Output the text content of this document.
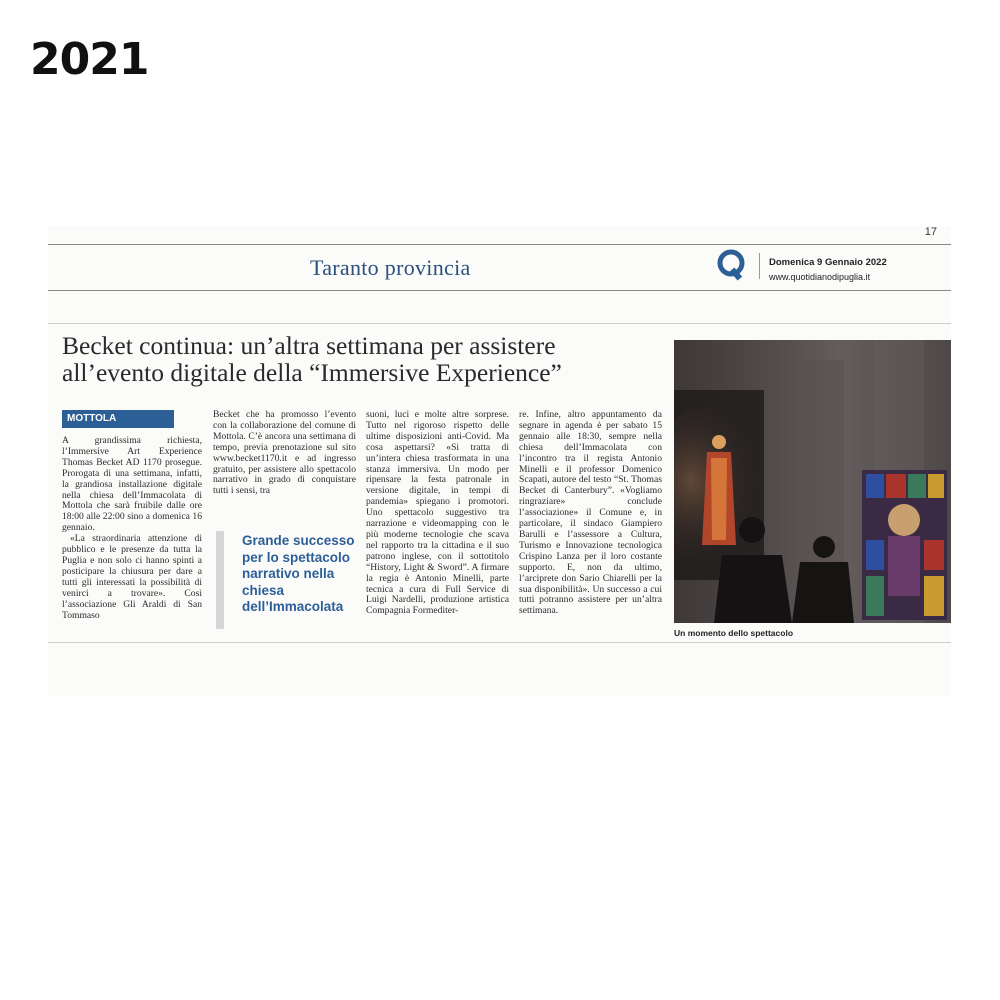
2021
17
Taranto provincia	Domenica 9 Gennaio 2022
www.quotidianodipuglia.it
Becket continua: un’altra settimana per assistere
all’evento digitale della “Immersive Experience”
MOTTOLA

A grandissima richiesta, l’Immersive Art Experience Thomas Becket AD 1170 prosegue. Prorogata di una settimana, infatti, la grandiosa installazione digitale nella chiesa dell’Immacolata di Mottola che sarà fruibile dalle ore 18:00 alle 22:00 sino a domenica 16 gennaio.

«La straordinaria attenzione di pubblico e le presenze da tutta la Puglia e non solo ci hanno spinti a posticipare la chiusura per dare a tutti gli interessati la possibilità di venirci a trovare». Così l’associazione Gli Araldi di San Tommaso

Becket che ha promosso l’evento con la collaborazione del comune di Mottola. C’è ancora una settimana di tempo, previa prenotazione sul sito www.becket1170.it e ad ingresso gratuito, per assistere allo spettacolo narrativo in grado di conquistare tutti i sensi, tra

Grande successo per lo spettacolo narrativo nella chiesa dell’Immacolata

suoni, luci e molte altre sorprese. Tutto nel rigoroso rispetto delle ultime disposizioni anti-Covid. Ma cosa aspettarsi? «Si tratta di un’intera chiesa trasformata in una stanza immersiva. Un modo per ripensare la festa patronale in versione digitale, in tempi di pandemia» spiegano i promotori. Uno spettacolo suggestivo tra narrazione e videomapping con le più moderne tecnologie che scava nel rapporto tra la cittadina e il suo patrono inglese, con il sottotitolo “History, Light & Sword”. A firmare la regia è Antonio Minelli, parte tecnica a cura di Full Service di Luigi Nardelli, produzione artistica Compagnia Formediter-

re. Infine, altro appuntamento da segnare in agenda è per sabato 15 gennaio alle 18:30, sempre nella chiesa dell’Immacolata con l’incontro tra il regista Antonio Minelli e il professor Domenico Scapati, autore del testo “St. Thomas Becket di Canterbury”. «Vogliamo ringraziare» conclude l’associazione» il Comune e, in particolare, il sindaco Giampiero Barulli e l’assessore a Cultura, Turismo e Innovazione tecnologica Crispino Lanza per il loro costante supporto. E, non da ultimo, l’arciprete don Sario Chiarelli per la sua disponibilità». Un successo a cui tutti potranno assistere per un’altra settimana.

Un momento dello spettacolo
